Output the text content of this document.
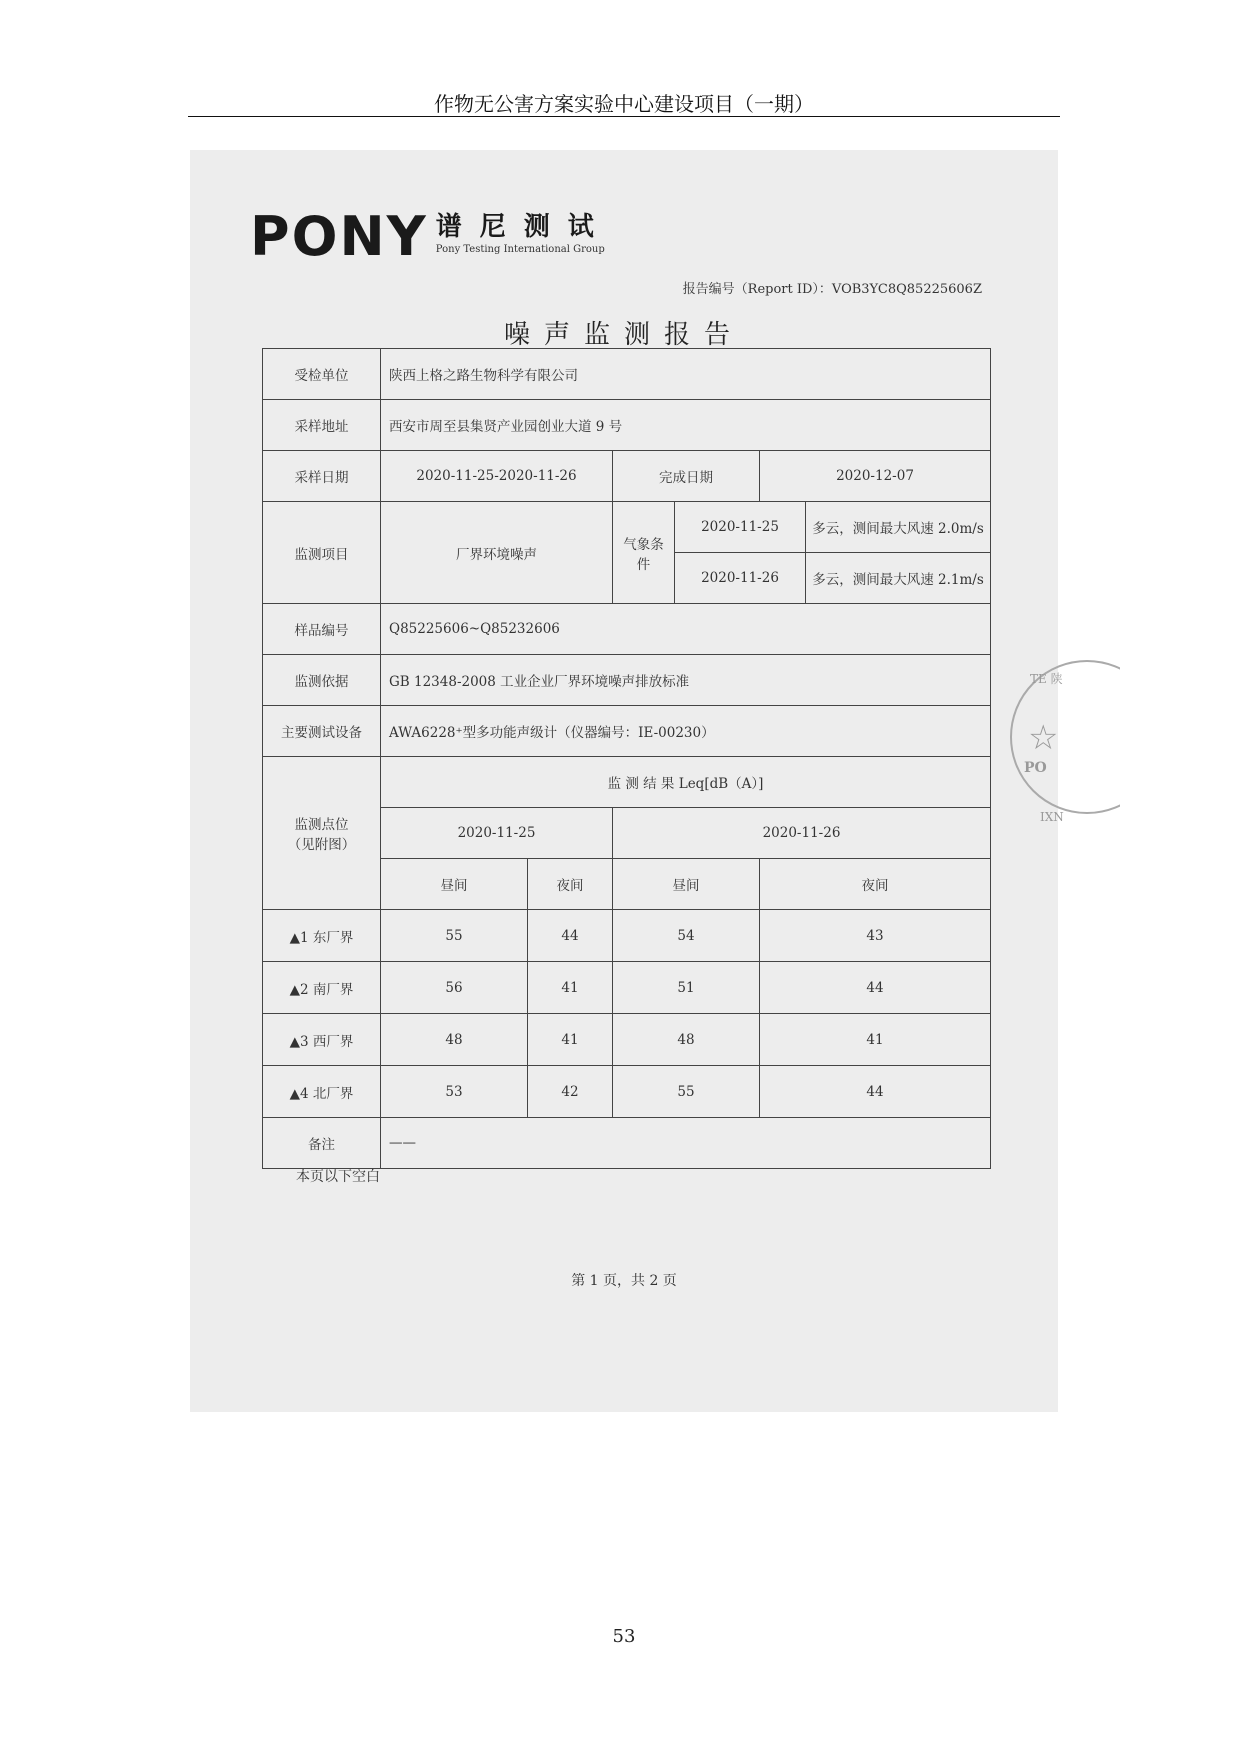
作物无公害方案实验中心建设项目（一期）
PONY 谱尼测试
Pony Testing International Group
报告编号（Report ID）：VOB3YC8Q85225606Z
噪声监测报告
受检单位	陕西上格之路生物科学有限公司					
采样地址	西安市周至县集贤产业园创业大道 9 号					
采样日期	2020-11-25-2020-11-26		完成日期		2020-12-07	
监测项目	厂界环境噪声		气象条件	2020-11-25		多云，测间最大风速 2.0m/s
				2020-11-26		多云，测间最大风速 2.1m/s
样品编号	Q85225606~Q85232606					
监测依据	GB 12348-2008 工业企业厂界环境噪声排放标准					
主要测试设备	AWA6228⁺型多功能声级计（仪器编号：IE-00230）					
监测点位
（见附图）	监 测 结 果 Leq[dB（A）]					
	2020-11-25		2020-11-26			
	昼间	夜间	昼间		夜间	
▲1 东厂界	55	44	54		43	
▲2 南厂界	56	41	51		44	
▲3 西厂界	48	41	48		41	
▲4 北厂界	53	42	55		44	
备注	——					
本页以下空白
第 1 页，共 2 页
TE 陕
☆
PO
IXN
53
